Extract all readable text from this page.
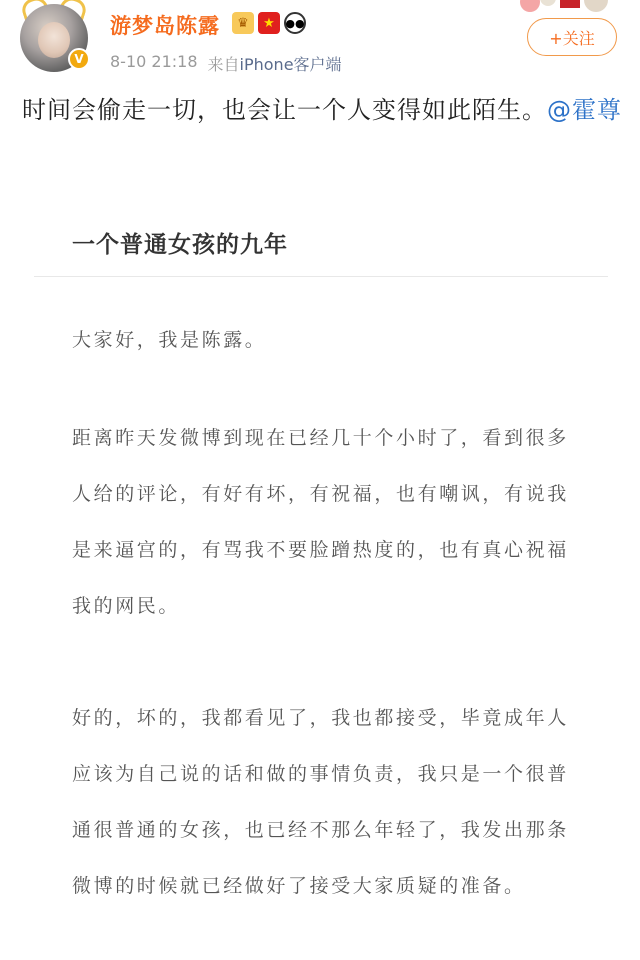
V
游梦岛陈露	♛	★ ●●
8-10 21:18 来自iPhone客户端
+关注
时间会偷走一切，也会让一个人变得如此陌生。@霍尊
一个普通女孩的九年
大家好，我是陈露。
距离昨天发微博到现在已经几十个小时了，看到很多人给的评论，有好有坏，有祝福，也有嘲讽，有说我是来逼宫的，有骂我不要脸蹭热度的，也有真心祝福我的网民。
好的，坏的，我都看见了，我也都接受，毕竟成年人应该为自己说的话和做的事情负责，我只是一个很普通很普通的女孩，也已经不那么年轻了，我发出那条微博的时候就已经做好了接受大家质疑的准备。
